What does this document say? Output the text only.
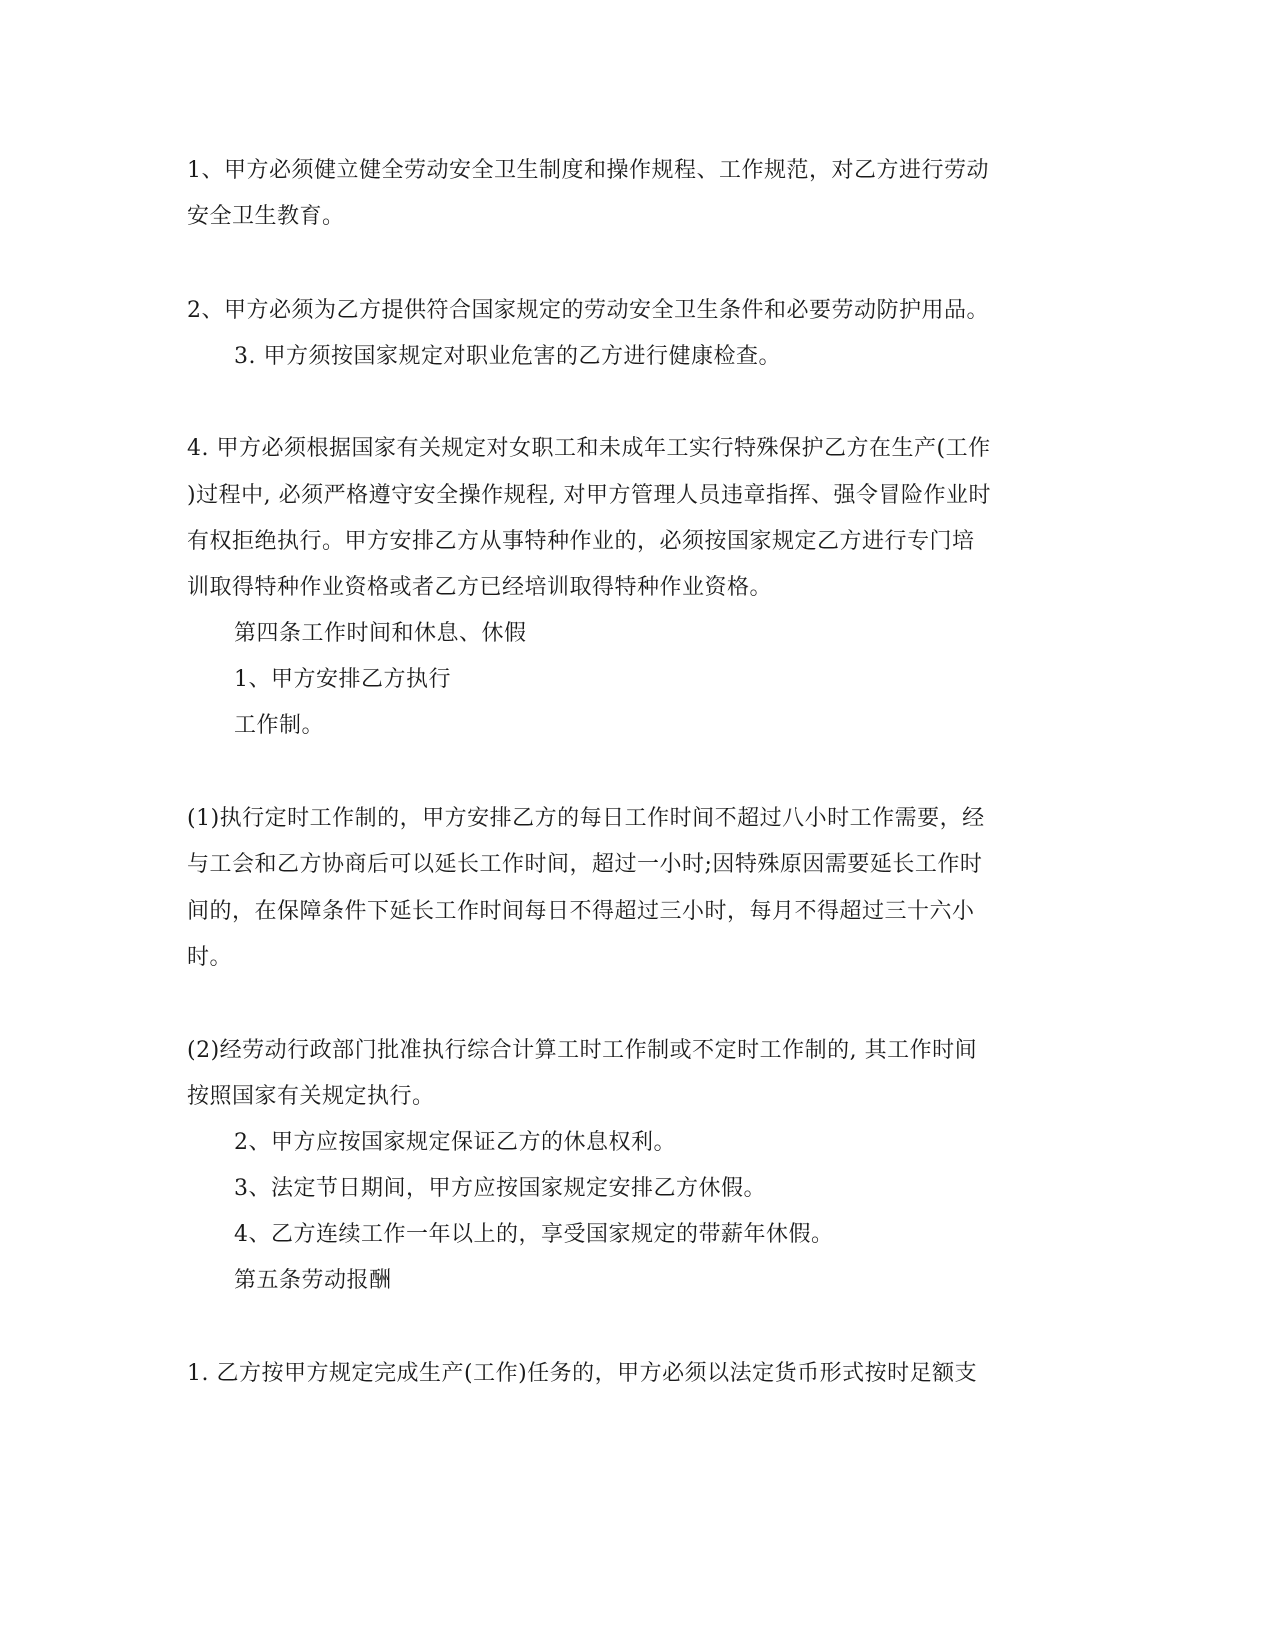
1、甲方必须健立健全劳动安全卫生制度和操作规程、工作规范，对乙方进行劳动
安全卫生教育。
2、甲方必须为乙方提供符合国家规定的劳动安全卫生条件和必要劳动防护用品。
3. 甲方须按国家规定对职业危害的乙方进行健康检查。
4. 甲方必须根据国家有关规定对女职工和未成年工实行特殊保护乙方在生产(工作
)过程中, 必须严格遵守安全操作规程, 对甲方管理人员违章指挥、强令冒险作业时
有权拒绝执行。甲方安排乙方从事特种作业的，必须按国家规定乙方进行专门培
训取得特种作业资格或者乙方已经培训取得特种作业资格。
第四条工作时间和休息、休假
1、甲方安排乙方执行
工作制。
(1)执行定时工作制的，甲方安排乙方的每日工作时间不超过八小时工作需要，经
与工会和乙方协商后可以延长工作时间，超过一小时;因特殊原因需要延长工作时
间的，在保障条件下延长工作时间每日不得超过三小时，每月不得超过三十六小
时。
(2)经劳动行政部门批准执行综合计算工时工作制或不定时工作制的, 其工作时间
按照国家有关规定执行。
2、甲方应按国家规定保证乙方的休息权利。
3、法定节日期间，甲方应按国家规定安排乙方休假。
4、乙方连续工作一年以上的，享受国家规定的带薪年休假。
第五条劳动报酬
1. 乙方按甲方规定完成生产(工作)任务的，甲方必须以法定货币形式按时足额支
